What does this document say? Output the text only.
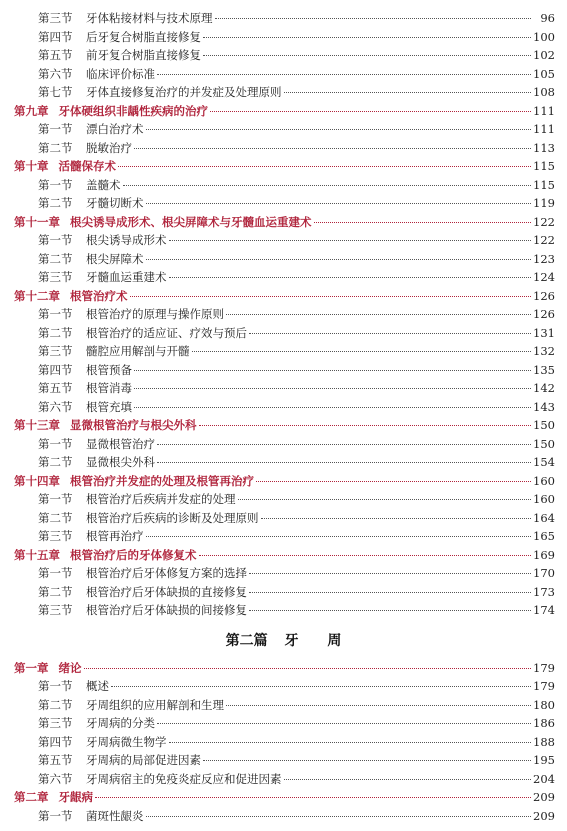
第三节	牙体粘接材料与技术原理	96
第四节	后牙复合树脂直接修复	100
第五节	前牙复合树脂直接修复	102
第六节	临床评价标准	105
第七节	牙体直接修复治疗的并发症及处理原则	108
第九章 牙体硬组织非龋性疾病的治疗	111
第一节	漂白治疗术	111
第二节	脱敏治疗	113
第十章 活髓保存术	115
第一节	盖髓术	115
第二节	牙髓切断术	119
第十一章 根尖诱导成形术、根尖屏障术与牙髓血运重建术	122
第一节	根尖诱导成形术	122
第二节	根尖屏障术	123
第三节	牙髓血运重建术	124
第十二章 根管治疗术	126
第一节	根管治疗的原理与操作原则	126
第二节	根管治疗的适应证、疗效与预后	131
第三节	髓腔应用解剖与开髓	132
第四节	根管预备	135
第五节	根管消毒	142
第六节	根管充填	143
第十三章 显微根管治疗与根尖外科	150
第一节	显微根管治疗	150
第二节	显微根尖外科	154
第十四章 根管治疗并发症的处理及根管再治疗	160
第一节	根管治疗后疾病并发症的处理	160
第二节	根管治疗后疾病的诊断及处理原则	164
第三节	根管再治疗	165
第十五章 根管治疗后的牙体修复术	169
第一节	根管治疗后牙体修复方案的选择	170
第二节	根管治疗后牙体缺损的直接修复	173
第三节	根管治疗后牙体缺损的间接修复	174
第二篇 牙 周
第一章 绪论	179
第一节	概述	179
第二节	牙周组织的应用解剖和生理	180
第三节	牙周病的分类	186
第四节	牙周病微生物学	188
第五节	牙周病的局部促进因素	195
第六节	牙周病宿主的免疫炎症反应和促进因素	204
第二章 牙龈病	209
第一节	菌斑性龈炎	209
